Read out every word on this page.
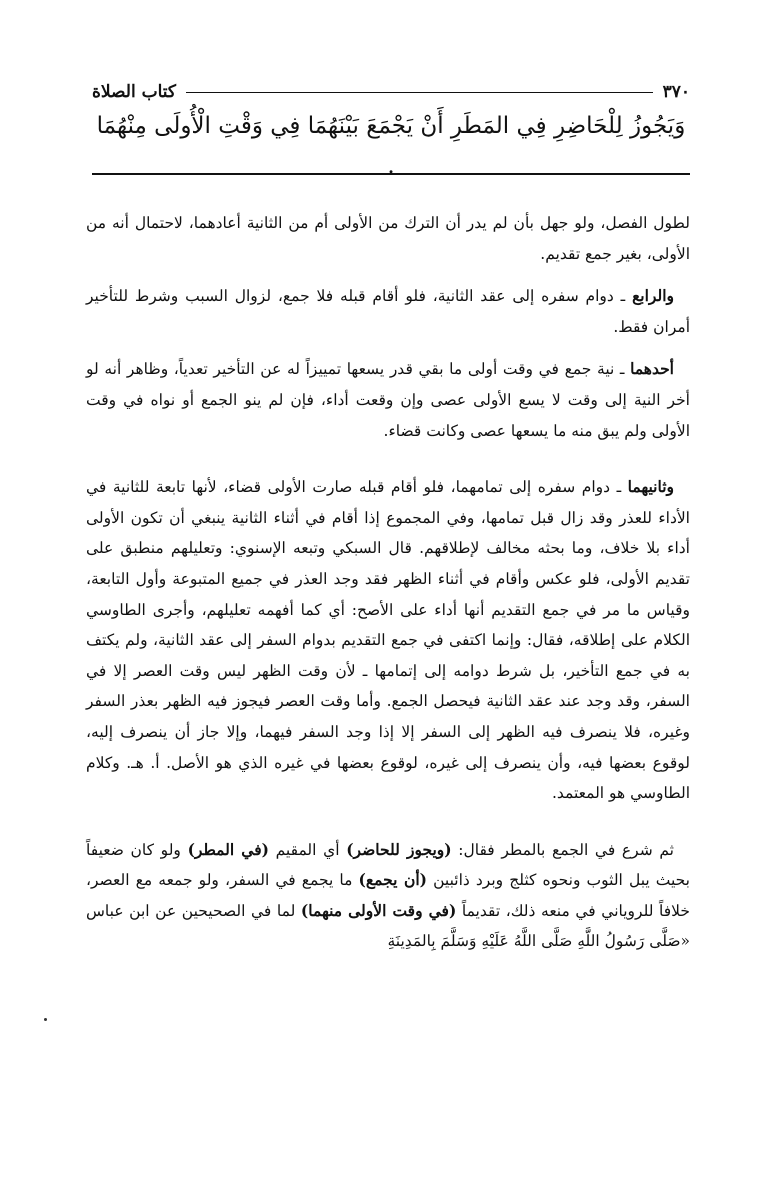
٣٧٠
كتاب الصلاة
وَيَجُوزُ لِلْحَاضِرِ فِي المَطَرِ أَنْ يَجْمَعَ بَيْنَهُمَا فِي وَقْتِ الْأُولَى مِنْهُمَا .

لطول الفصل، ولو جهل بأن لم يدر أن الترك من الأولى أم من الثانية أعادهما، لاحتمال أنه من الأولى، بغير جمع تقديم.

والرابع ـ دوام سفره إلى عقد الثانية، فلو أقام قبله فلا جمع، لزوال السبب وشرط للتأخير أمران فقط.

أحدهما ـ نية جمع في وقت أولى ما بقي قدر يسعها تمييزاً له عن التأخير تعدياً، وظاهر أنه لو أخر النية إلى وقت لا يسع الأولى عصى وإن وقعت أداء، فإن لم ينو الجمع أو نواه في وقت الأولى ولم يبق منه ما يسعها عصى وكانت قضاء.

وثانيهما ـ دوام سفره إلى تمامهما، فلو أقام قبله صارت الأولى قضاء، لأنها تابعة للثانية في الأداء للعذر وقد زال قبل تمامها، وفي المجموع إذا أقام في أثناء الثانية ينبغي أن تكون الأولى أداء بلا خلاف، وما بحثه مخالف لإطلاقهم. قال السبكي وتبعه الإسنوي: وتعليلهم منطبق على تقديم الأولى، فلو عكس وأقام في أثناء الظهر فقد وجد العذر في جميع المتبوعة وأول التابعة، وقياس ما مر في جمع التقديم أنها أداء على الأصح: أي كما أفهمه تعليلهم، وأجرى الطاوسي الكلام على إطلاقه، فقال: وإنما اكتفى في جمع التقديم بدوام السفر إلى عقد الثانية، ولم يكتف به في جمع التأخير، بل شرط دوامه إلى إتمامها ـ لأن وقت الظهر ليس وقت العصر إلا في السفر، وقد وجد عند عقد الثانية فيحصل الجمع. وأما وقت العصر فيجوز فيه الظهر بعذر السفر وغيره، فلا ينصرف فيه الظهر إلى السفر إلا إذا وجد السفر فيهما، وإلا جاز أن ينصرف إليه، لوقوع بعضها فيه، وأن ينصرف إلى غيره، لوقوع بعضها في غيره الذي هو الأصل. أ. هـ. وكلام الطاوسي هو المعتمد.

ثم شرع في الجمع بالمطر فقال: (ويجوز للحاضر) أي المقيم (في المطر) ولو كان ضعيفاً بحيث يبل الثوب ونحوه كثلج وبرد ذائبين (أن يجمع) ما يجمع في السفر، ولو جمعه مع العصر، خلافاً للروياني في منعه ذلك، تقديماً (في وقت الأولى منهما) لما في الصحيحين عن ابن عباس «صَلَّى رَسُولُ اللَّهِ صَلَّى اللَّهُ عَلَيْهِ وَسَلَّمَ بِالمَدِينَةِ
